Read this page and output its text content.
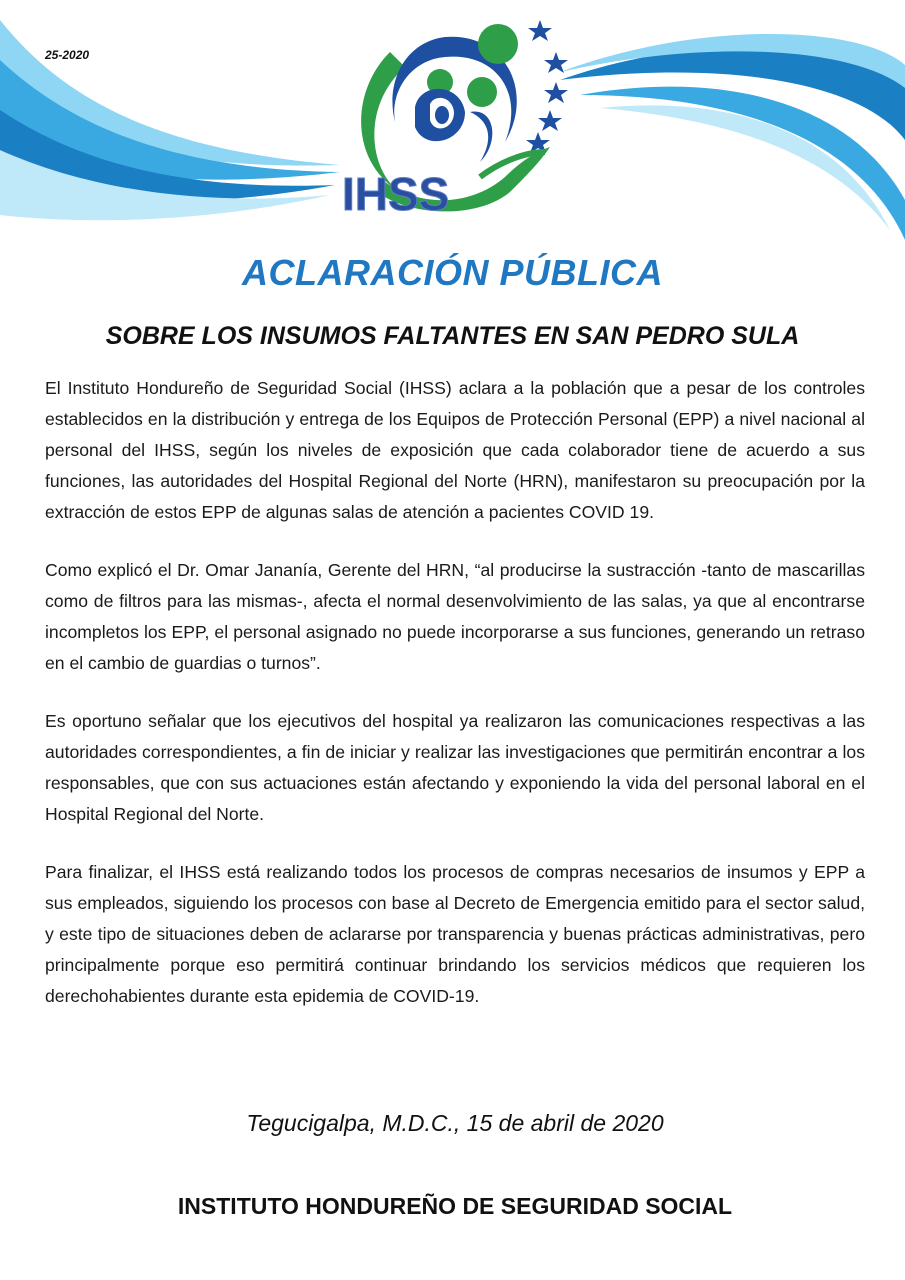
25-2020
IHSS
ACLARACIÓN PÚBLICA
SOBRE LOS INSUMOS FALTANTES EN SAN PEDRO SULA

El Instituto Hondureño de Seguridad Social (IHSS) aclara a la población que a pesar de los controles establecidos en la distribución y entrega de los Equipos de Protección Personal (EPP) a nivel nacional al personal del IHSS, según los niveles de exposición que cada colaborador tiene de acuerdo a sus funciones, las autoridades del Hospital Regional del Norte (HRN), manifestaron su preocupación por la extracción de estos EPP de algunas salas de atención a pacientes COVID 19.

Como explicó el Dr. Omar Jananía, Gerente del HRN, “al producirse la sustracción -tanto de mascarillas como de filtros para las mismas-, afecta el normal desenvolvimiento de las salas, ya que al encontrarse incompletos los EPP, el personal asignado no puede incorporarse a sus funciones, generando un retraso en el cambio de guardias o turnos”.

Es oportuno señalar que los ejecutivos del hospital ya realizaron las comunicaciones respectivas a las autoridades correspondientes, a fin de iniciar y realizar las investigaciones que permitirán encontrar a los responsables, que con sus actuaciones están afectando y exponiendo la vida del personal laboral en el Hospital Regional del Norte.

Para finalizar, el IHSS está realizando todos los procesos de compras necesarios de insumos y EPP a sus empleados, siguiendo los procesos con base al Decreto de Emergencia emitido para el sector salud, y este tipo de situaciones deben de aclararse por transparencia y buenas prácticas administrativas, pero principalmente porque eso permitirá continuar brindando los servicios médicos que requieren los derechohabientes durante esta epidemia de COVID-19.

Tegucigalpa, M.D.C., 15 de abril de 2020
INSTITUTO HONDUREÑO DE SEGURIDAD SOCIAL
